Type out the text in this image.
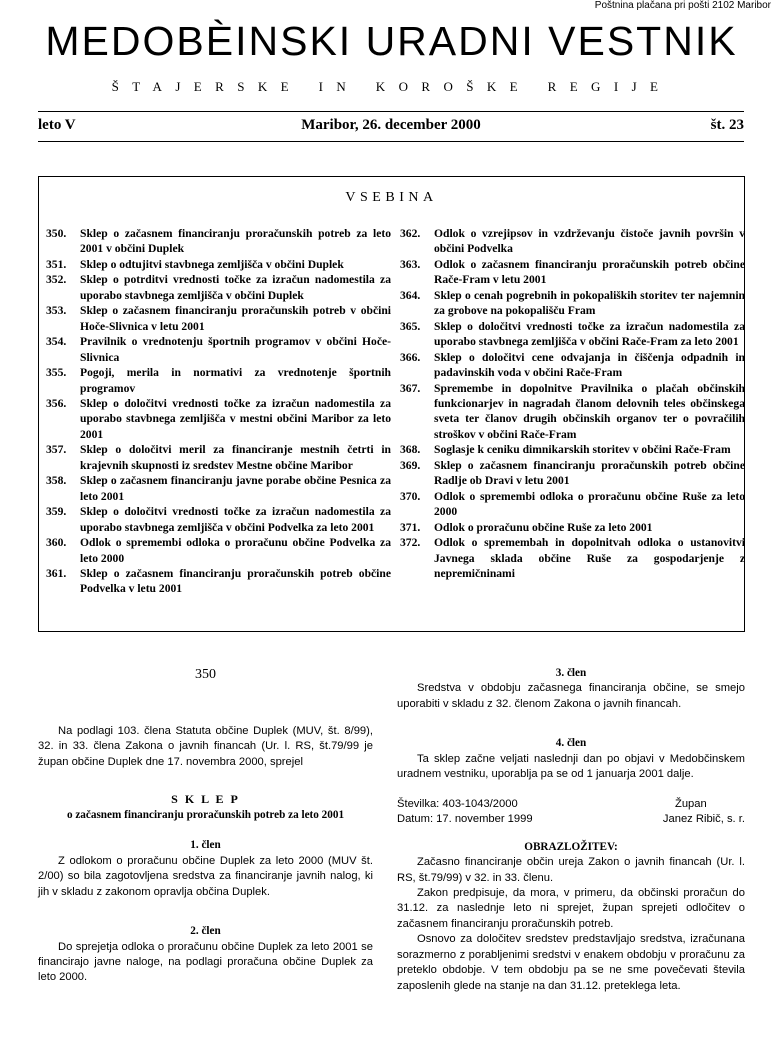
Poštnina plačana pri pošti 2102 Maribor
MEDOBÈINSKI URADNI VESTNIK
ŠTAJERSKE IN KOROŠKE REGIJE
leto V	Maribor, 26. december 2000	št. 23
VSEBINA
350.	Sklep o začasnem financiranju proračunskih potreb za leto 2001 v občini Duplek
351.	Sklep o odtujitvi stavbnega zemljišča v občini Duplek
352.	Sklep o potrditvi vrednosti točke za izračun nadomestila za uporabo stavbnega zemljišča v občini Duplek
353.	Sklep o začasnem financiranju proračunskih potreb v občini Hoče-Slivnica v letu 2001
354.	Pravilnik o vrednotenju športnih programov v občini Hoče-Slivnica
355.	Pogoji, merila in normativi za vrednotenje športnih programov
356.	Sklep o določitvi vrednosti točke za izračun nadomestila za uporabo stavbnega zemljišča v mestni občini Maribor za leto 2001
357.	Sklep o določitvi meril za financiranje mestnih četrti in krajevnih skupnosti iz sredstev Mestne občine Maribor
358.	Sklep o začasnem financiranju javne porabe občine Pesnica za leto 2001
359.	Sklep o določitvi vrednosti točke za izračun nadomestila za uporabo stavbnega zemljišča v občini Podvelka za leto 2001
360.	Odlok o spremembi odloka o proračunu občine Podvelka za leto 2000
361.	Sklep o začasnem financiranju proračunskih potreb občine Podvelka v letu 2001
362.	Odlok o vzrejipsov in vzdrževanju čistoče javnih površin v občini Podvelka
363.	Odlok o začasnem financiranju proračunskih potreb občine Rače-Fram v letu 2001
364.	Sklep o cenah pogrebnih in pokopaliških storitev ter najemnin za grobove na pokopališču Fram
365.	Sklep o določitvi vrednosti točke za izračun nadomestila za uporabo stavbnega zemljišča v občini Rače-Fram za leto 2001
366.	Sklep o določitvi cene odvajanja in čiščenja odpadnih in padavinskih voda v občini Rače-Fram
367.	Spremembe in dopolnitve Pravilnika o plačah občinskih funkcionarjev in nagradah članom delovnih teles občinskega sveta ter članov drugih občinskih organov ter o povračilih stroškov v občini Rače-Fram
368.	Soglasje k ceniku dimnikarskih storitev v občini Rače-Fram
369.	Sklep o začasnem financiranju proračunskih potreb občine Radlje ob Dravi v letu 2001
370.	Odlok o spremembi odloka o proračunu občine Ruše za leto 2000
371.	Odlok o proračunu občine Ruše za leto 2001
372.	Odlok o spremembah in dopolnitvah odloka o ustanovitvi Javnega sklada občine Ruše za gospodarjenje z nepremičninami
350
Na podlagi 103. člena Statuta občine Duplek (MUV, št. 8/99), 32. in 33. člena Zakona o javnih financah (Ur. l. RS, št.79/99 je župan občine Duplek dne 17. novembra 2000, sprejel
S K L E P
o začasnem financiranju proračunskih potreb za leto 2001
1. člen
Z odlokom o proračunu občine Duplek za leto 2000 (MUV št. 2/00) so bila zagotovljena sredstva za financiranje javnih nalog, ki jih v skladu z zakonom opravlja občina Duplek.
2. člen
Do sprejetja odloka o proračunu občine Duplek za leto 2001 se financirajo javne naloge, na podlagi proračuna občine Duplek za leto 2000.
3. člen
Sredstva v obdobju začasnega financiranja občine, se smejo uporabiti v skladu z 32. členom Zakona o javnih financah.
4. člen
Ta sklep začne veljati naslednji dan po objavi v Medobčinskem uradnem vestniku, uporablja pa se od 1 januarja 2001 dalje.
Številka: 403-1043/2000	Župan
Datum: 17. november 1999	Janez Ribič, s. r.
OBRAZLOŽITEV:
Začasno financiranje občin ureja Zakon o javnih financah (Ur. l. RS, št.79/99) v 32. in 33. členu.
Zakon predpisuje, da mora, v primeru, da občinski proračun do 31.12. za naslednje leto ni sprejet, župan sprejeti odločitev o začasnem financiranju proračunskih potreb.
Osnovo za določitev sredstev predstavljajo sredstva, izračunana sorazmerno z porabljenimi sredstvi v enakem obdobju v proračunu za preteklo obdobje. V tem obdobju pa se ne sme povečevati števila zaposlenih glede na stanje na dan 31.12. preteklega leta.
